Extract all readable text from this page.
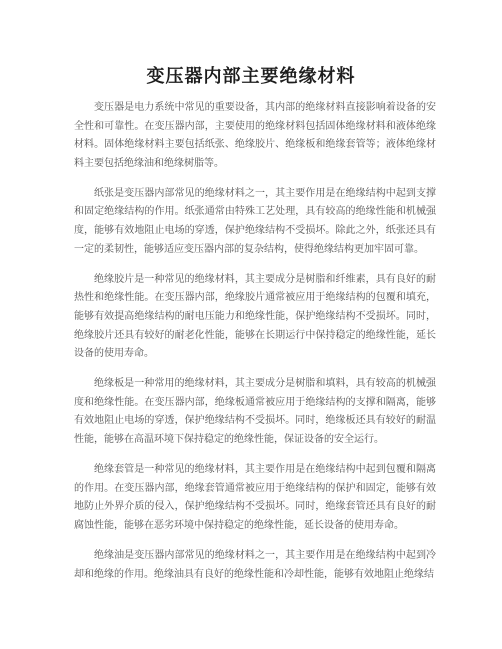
变压器内部主要绝缘材料

变压器是电力系统中常见的重要设备，其内部的绝缘材料直接影响着设备的安全性和可靠性。在变压器内部，主要使用的绝缘材料包括固体绝缘材料和液体绝缘材料。固体绝缘材料主要包括纸张、绝缘胶片、绝缘板和绝缘套管等；液体绝缘材料主要包括绝缘油和绝缘树脂等。

纸张是变压器内部常见的绝缘材料之一，其主要作用是在绝缘结构中起到支撑和固定绝缘结构的作用。纸张通常由特殊工艺处理，具有较高的绝缘性能和机械强度，能够有效地阻止电场的穿透，保护绝缘结构不受损坏。除此之外，纸张还具有一定的柔韧性，能够适应变压器内部的复杂结构，使得绝缘结构更加牢固可靠。

绝缘胶片是一种常见的绝缘材料，其主要成分是树脂和纤维素，具有良好的耐热性和绝缘性能。在变压器内部，绝缘胶片通常被应用于绝缘结构的包覆和填充，能够有效提高绝缘结构的耐电压能力和绝缘性能，保护绝缘结构不受损坏。同时，绝缘胶片还具有较好的耐老化性能，能够在长期运行中保持稳定的绝缘性能，延长设备的使用寿命。

绝缘板是一种常用的绝缘材料，其主要成分是树脂和填料，具有较高的机械强度和绝缘性能。在变压器内部，绝缘板通常被应用于绝缘结构的支撑和隔离，能够有效地阻止电场的穿透，保护绝缘结构不受损坏。同时，绝缘板还具有较好的耐温性能，能够在高温环境下保持稳定的绝缘性能，保证设备的安全运行。

绝缘套管是一种常见的绝缘材料，其主要作用是在绝缘结构中起到包覆和隔离的作用。在变压器内部，绝缘套管通常被应用于绝缘结构的保护和固定，能够有效地防止外界介质的侵入，保护绝缘结构不受损坏。同时，绝缘套管还具有良好的耐腐蚀性能，能够在恶劣环境中保持稳定的绝缘性能，延长设备的使用寿命。

绝缘油是变压器内部常见的绝缘材料之一，其主要作用是在绝缘结构中起到冷却和绝缘的作用。绝缘油具有良好的绝缘性能和冷却性能，能够有效地阻止绝缘结
